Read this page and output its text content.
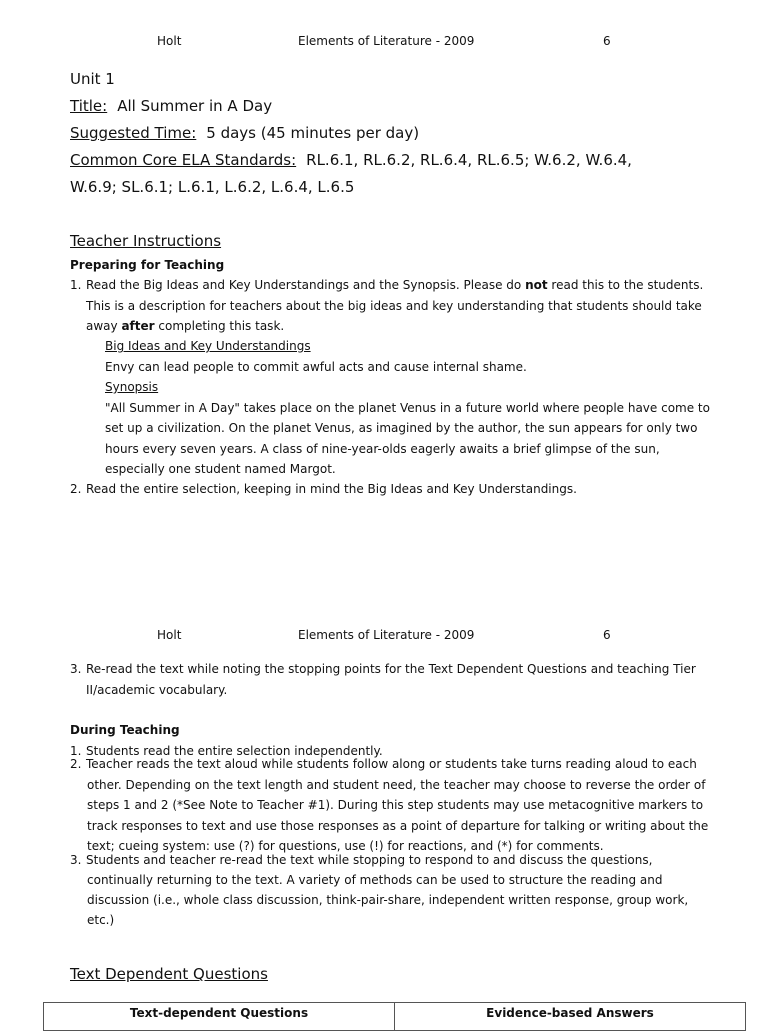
Holt	Elements of Literature - 2009	6
Unit 1
Title: All Summer in A Day
Suggested Time: 5 days (45 minutes per day)
Common Core ELA Standards: RL.6.1, RL.6.2, RL.6.4, RL.6.5; W.6.2, W.6.4,
W.6.9; SL.6.1; L.6.1, L.6.2, L.6.4, L.6.5
Teacher Instructions
Preparing for Teaching
1. Read the Big Ideas and Key Understandings and the Synopsis. Please do not read this to the students.
This is a description for teachers about the big ideas and key understanding that students should take
away after completing this task.
Big Ideas and Key Understandings
Envy can lead people to commit awful acts and cause internal shame.
Synopsis
"All Summer in A Day" takes place on the planet Venus in a future world where people have come to
set up a civilization. On the planet Venus, as imagined by the author, the sun appears for only two
hours every seven years. A class of nine-year-olds eagerly awaits a brief glimpse of the sun,
especially one student named Margot.
2. Read the entire selection, keeping in mind the Big Ideas and Key Understandings.
Holt	Elements of Literature - 2009	6
3. Re-read the text while noting the stopping points for the Text Dependent Questions and teaching Tier
II/academic vocabulary.
During Teaching
1. Students read the entire selection independently.
2. Teacher reads the text aloud while students follow along or students take turns reading aloud to each
other. Depending on the text length and student need, the teacher may choose to reverse the order of
steps 1 and 2 (*See Note to Teacher #1). During this step students may use metacognitive markers to
track responses to text and use those responses as a point of departure for talking or writing about the
text; cueing system: use (?) for questions, use (!) for reactions, and (*) for comments.
3. Students and teacher re-read the text while stopping to respond to and discuss the questions,
continually returning to the text. A variety of methods can be used to structure the reading and
discussion (i.e., whole class discussion, think-pair-share, independent written response, group work,
etc.)
Text Dependent Questions
Text-dependent Questions	Evidence-based Answers
